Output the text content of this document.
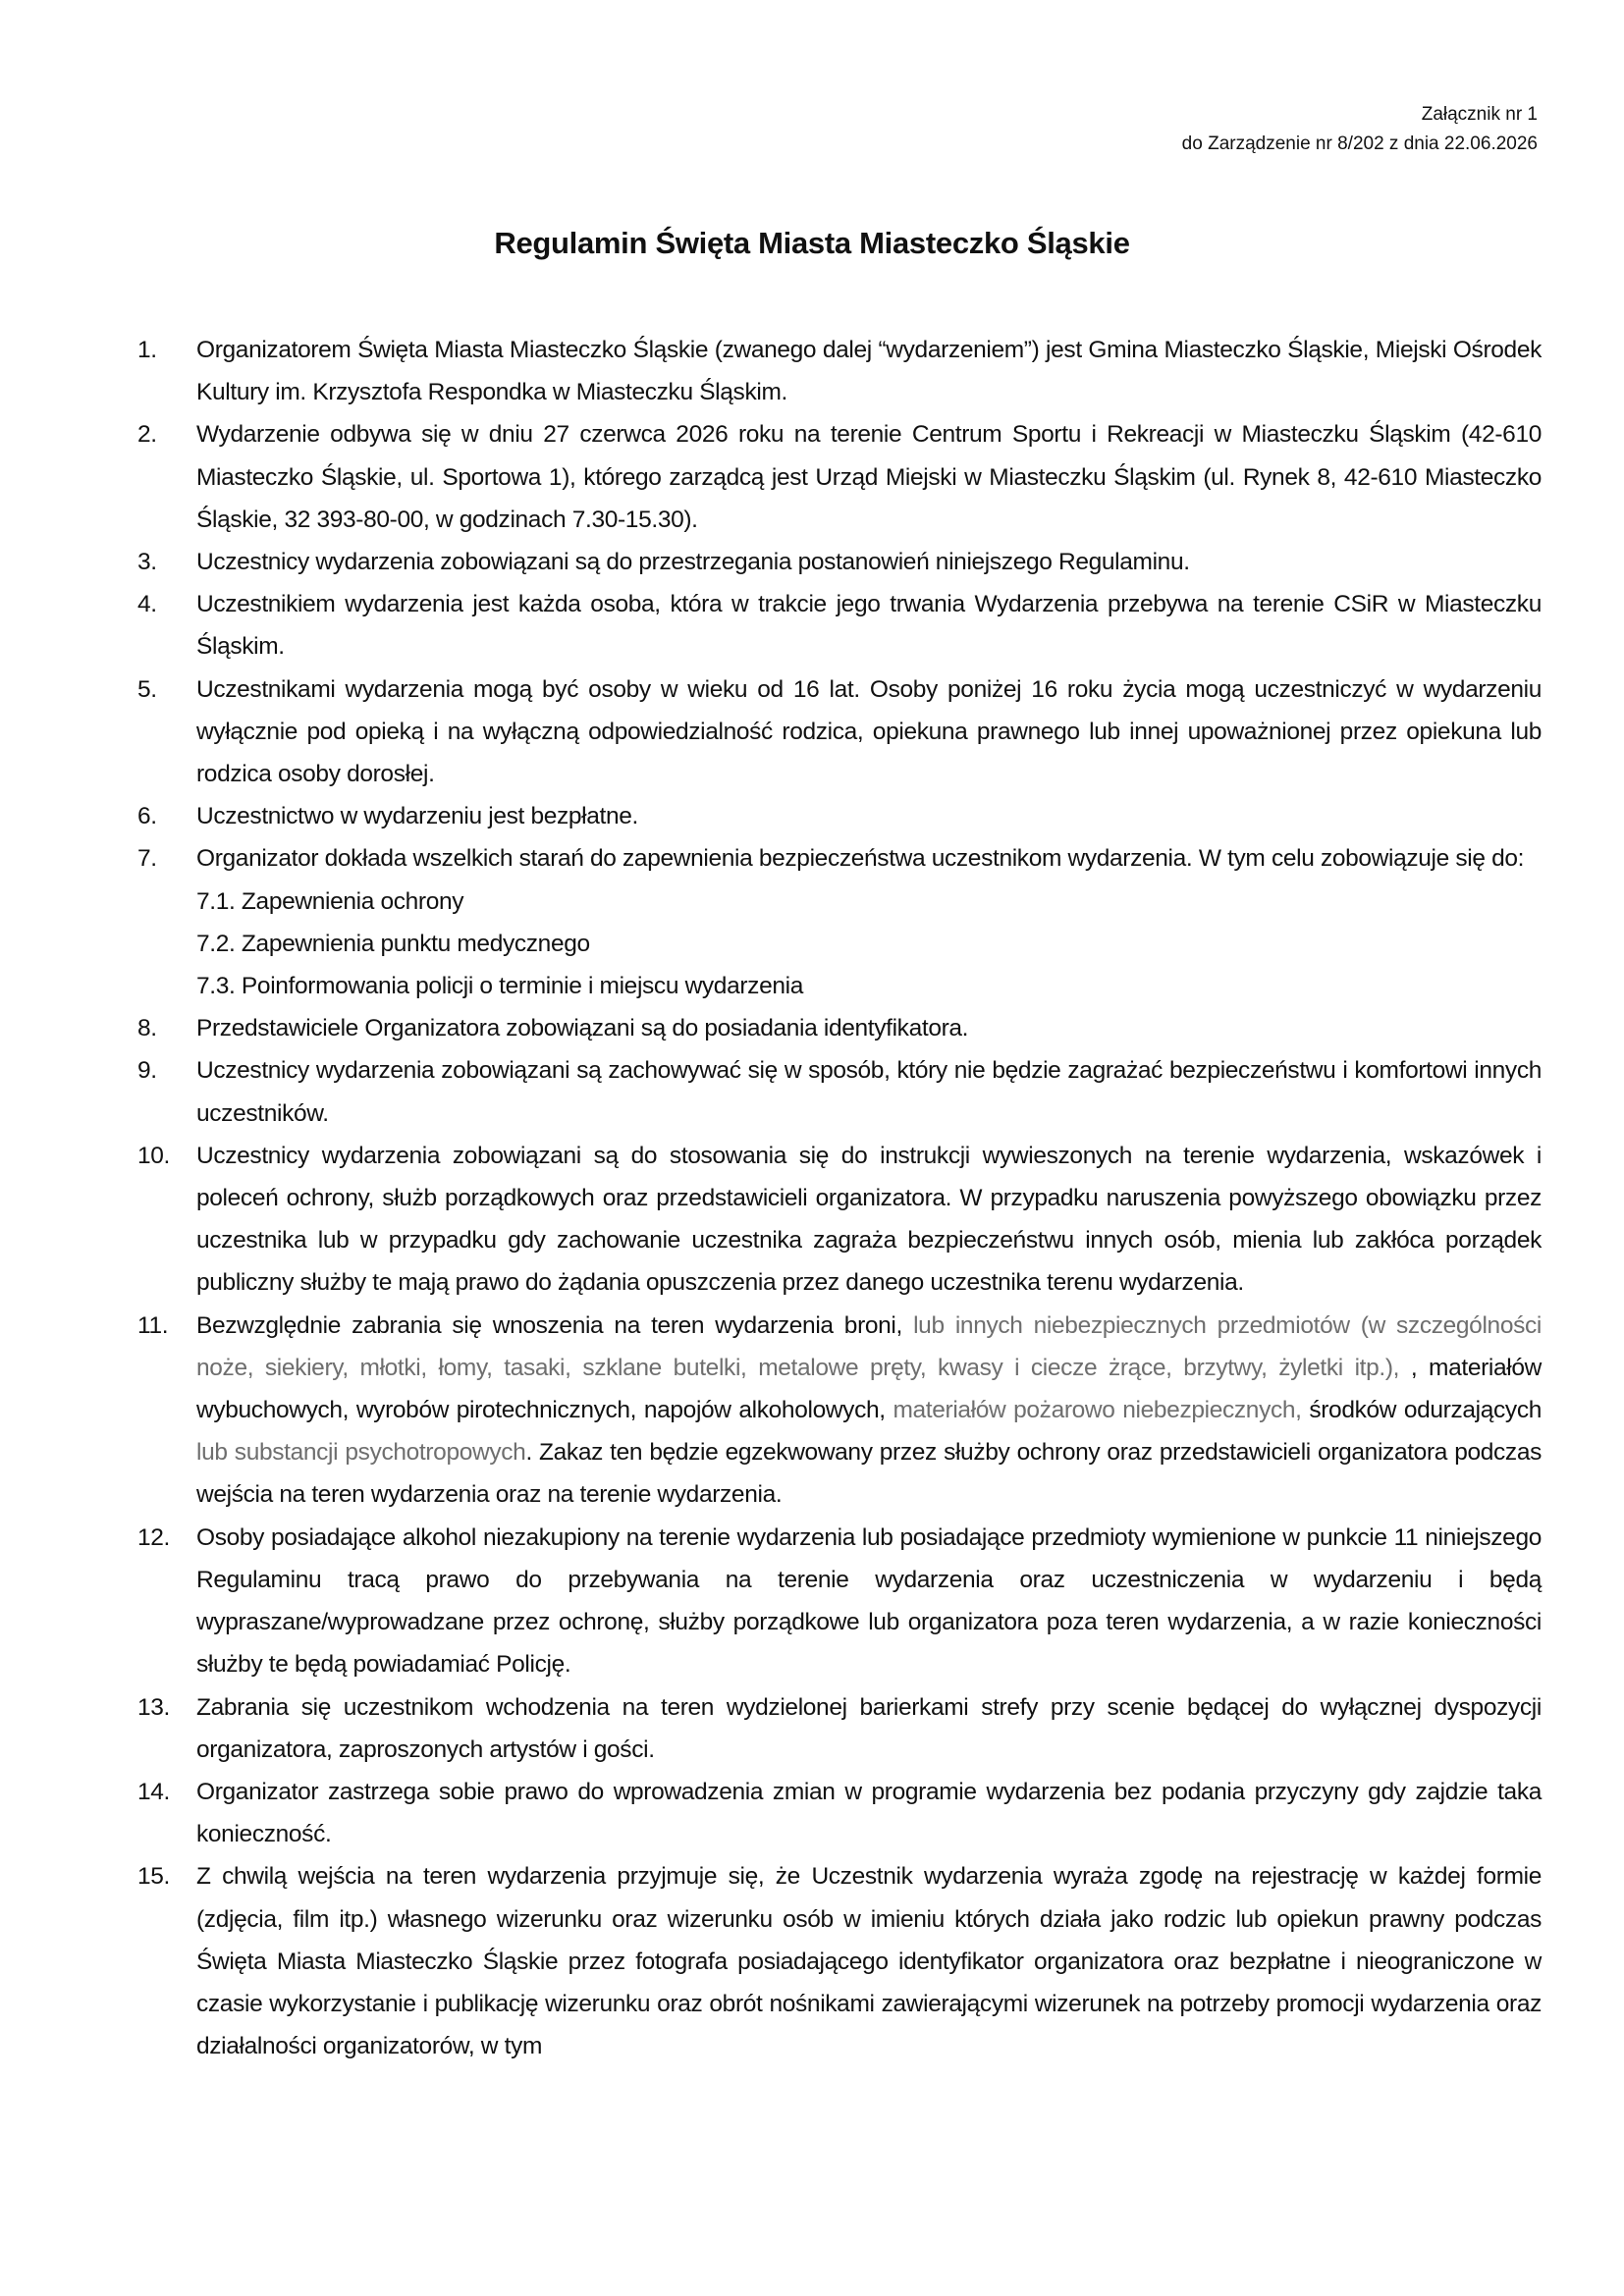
Załącznik nr 1
do Zarządzenie nr 8/202 z dnia 22.06.2026
Regulamin Święta Miasta Miasteczko Śląskie
1. Organizatorem Święta Miasta Miasteczko Śląskie (zwanego dalej “wydarzeniem”) jest Gmina Miasteczko Śląskie, Miejski Ośrodek Kultury im. Krzysztofa Respondka w Miasteczku Śląskim.
2. Wydarzenie odbywa się w dniu 27 czerwca 2026 roku na terenie Centrum Sportu i Rekreacji w Miasteczku Śląskim (42-610 Miasteczko Śląskie, ul. Sportowa 1), którego zarządcą jest Urząd Miejski w Miasteczku Śląskim (ul. Rynek 8, 42-610 Miasteczko Śląskie, 32 393-80-00, w godzinach 7.30-15.30).
3. Uczestnicy wydarzenia zobowiązani są do przestrzegania postanowień niniejszego Regulaminu.
4. Uczestnikiem wydarzenia jest każda osoba, która w trakcie jego trwania Wydarzenia przebywa na terenie CSiR w Miasteczku Śląskim.
5. Uczestnikami wydarzenia mogą być osoby w wieku od 16 lat. Osoby poniżej 16 roku życia mogą uczestniczyć w wydarzeniu wyłącznie pod opieką i na wyłączną odpowiedzialność rodzica, opiekuna prawnego lub innej upoważnionej przez opiekuna lub rodzica osoby dorosłej.
6. Uczestnictwo w wydarzeniu jest bezpłatne.
7. Organizator dokłada wszelkich starań do zapewnienia bezpieczeństwa uczestnikom wydarzenia. W tym celu zobowiązuje się do:
7.1. Zapewnienia ochrony
7.2. Zapewnienia punktu medycznego
7.3. Poinformowania policji o terminie i miejscu wydarzenia
8. Przedstawiciele Organizatora zobowiązani są do posiadania identyfikatora.
9. Uczestnicy wydarzenia zobowiązani są zachowywać się w sposób, który nie będzie zagrażać bezpieczeństwu i komfortowi innych uczestników.
10. Uczestnicy wydarzenia zobowiązani są do stosowania się do instrukcji wywieszonych na terenie wydarzenia, wskazówek i poleceń ochrony, służb porządkowych oraz przedstawicieli organizatora. W przypadku naruszenia powyższego obowiązku przez uczestnika lub w przypadku gdy zachowanie uczestnika zagraża bezpieczeństwu innych osób, mienia lub zakłóca porządek publiczny służby te mają prawo do żądania opuszczenia przez danego uczestnika terenu wydarzenia.
11. Bezwzględnie zabrania się wnoszenia na teren wydarzenia broni, lub innych niebezpiecznych przedmiotów (w szczególności noże, siekiery, młotki, łomy, tasaki, szklane butelki, metalowe pręty, kwasy i ciecze żrące, brzytwy, żyletki itp.), , materiałów wybuchowych, wyrobów pirotechnicznych, napojów alkoholowych, materiałów pożarowo niebezpiecznych, środków odurzających lub substancji psychotropowych. Zakaz ten będzie egzekwowany przez służby ochrony oraz przedstawicieli organizatora podczas wejścia na teren wydarzenia oraz na terenie wydarzenia.
12. Osoby posiadające alkohol niezakupiony na terenie wydarzenia lub posiadające przedmioty wymienione w punkcie 11 niniejszego Regulaminu tracą prawo do przebywania na terenie wydarzenia oraz uczestniczenia w wydarzeniu i będą wypraszane/wyprowadzane przez ochronę, służby porządkowe lub organizatora poza teren wydarzenia, a w razie konieczności służby te będą powiadamiać Policję.
13. Zabrania się uczestnikom wchodzenia na teren wydzielonej barierkami strefy przy scenie będącej do wyłącznej dyspozycji organizatora, zaproszonych artystów i gości.
14. Organizator zastrzega sobie prawo do wprowadzenia zmian w programie wydarzenia bez podania przyczyny gdy zajdzie taka konieczność.
15. Z chwilą wejścia na teren wydarzenia przyjmuje się, że Uczestnik wydarzenia wyraża zgodę na rejestrację w każdej formie (zdjęcia, film itp.) własnego wizerunku oraz wizerunku osób w imieniu których działa jako rodzic lub opiekun prawny podczas Święta Miasta Miasteczko Śląskie przez fotografa posiadającego identyfikator organizatora oraz bezpłatne i nieograniczone w czasie wykorzystanie i publikację wizerunku oraz obrót nośnikami zawierającymi wizerunek na potrzeby promocji wydarzenia oraz działalności organizatorów, w tym
